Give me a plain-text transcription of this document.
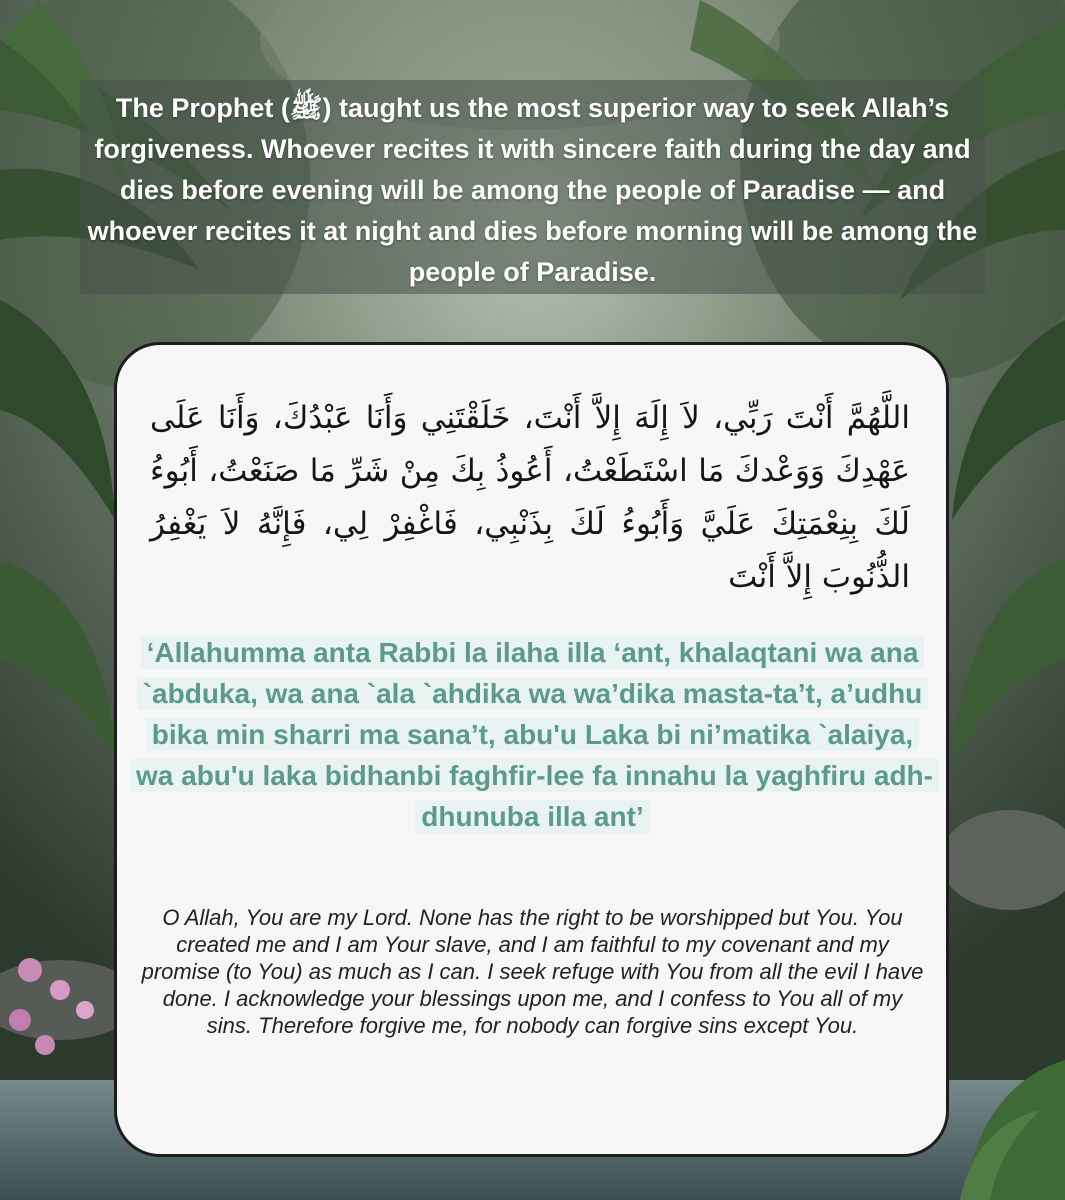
The Prophet (ﷺ) taught us the most superior way to seek Allah’s forgiveness. Whoever recites it with sincere faith during the day and dies before evening will be among the people of Paradise — and whoever recites it at night and dies before morning will be among the people of Paradise.

اللَّهُمَّ أَنْتَ رَبِّي، لاَ إِلَهَ إِلاَّ أَنْتَ، خَلَقْتَنِي وَأَنَا عَبْدُكَ، وَأَنَا عَلَى عَهْدِكَ وَوَعْدكَ مَا اسْتَطَعْتُ، أَعُوذُ بِكَ مِنْ شَرِّ مَا صَنَعْتُ، أَبُوءُ لَكَ بِنِعْمَتِكَ عَلَيَّ وَأَبُوءُ لَكَ بِذَنْبِي، فَاغْفِرْ لِي، فَإِنَّهُ لاَ يَغْفِرُ الذُّنُوبَ إِلاَّ أَنْتَ

‘Allahumma anta Rabbi la ilaha illa ‘ant, khalaqtani wa ana `abduka, wa ana `ala `ahdika wa wa’dika masta-ta’t, a’udhu bika min sharri ma sana’t, abu'u Laka bi ni’matika `alaiya, wa abu'u laka bidhanbi faghfir-lee fa innahu la yaghfiru adh-dhunuba illa ant’

O Allah, You are my Lord. None has the right to be worshipped but You. You created me and I am Your slave, and I am faithful to my covenant and my promise (to You) as much as I can. I seek refuge with You from all the evil I have done. I acknowledge your blessings upon me, and I confess to You all of my sins. Therefore forgive me, for nobody can forgive sins except You.
